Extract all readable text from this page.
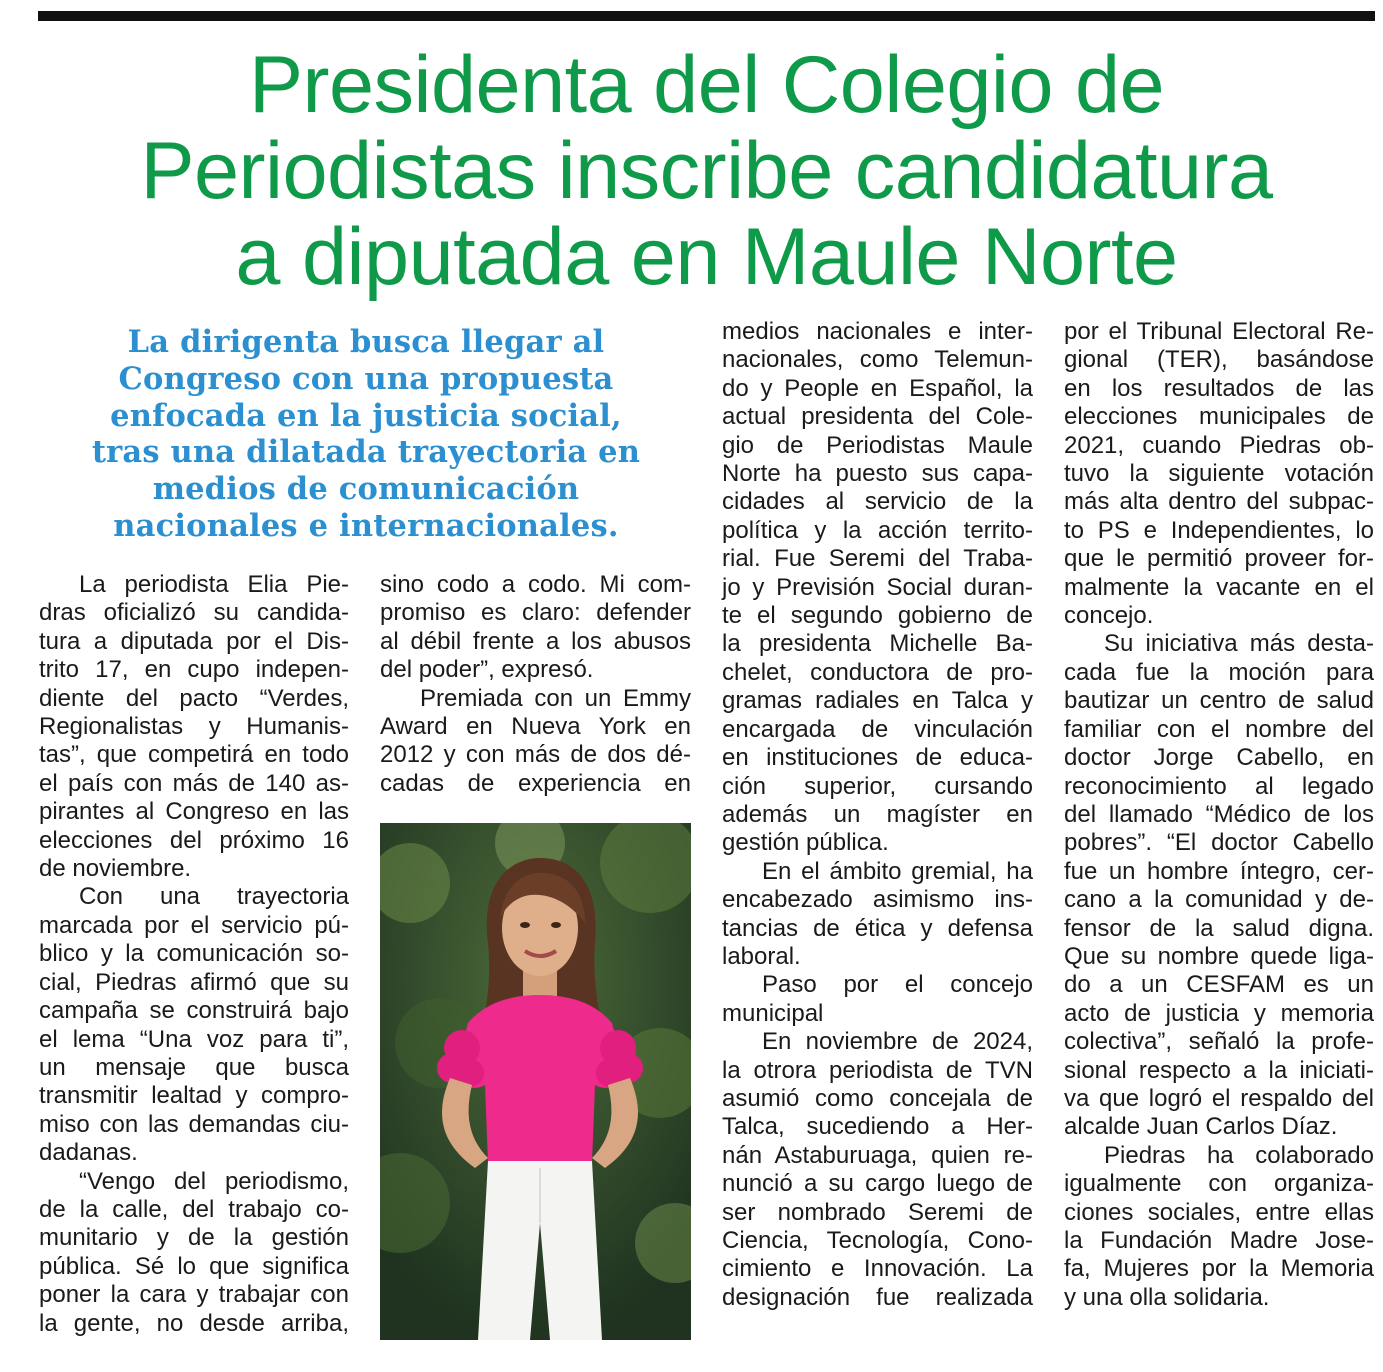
Presidenta del Colegio de
Periodistas inscribe candidatura
a diputada en Maule Norte
La dirigenta busca llegar al
Congreso con una propuesta
enfocada en la justicia social,
tras una dilatada trayectoria en
medios de comunicación
nacionales e internacionales.
La periodista Elia Pie-
dras oficializó su candida-
tura a diputada por el Dis-
trito 17, en cupo indepen-
diente del pacto “Verdes,
Regionalistas y Humanis-
tas”, que competirá en todo
el país con más de 140 as-
pirantes al Congreso en las
elecciones del próximo 16
de noviembre.
Con una trayectoria
marcada por el servicio pú-
blico y la comunicación so-
cial, Piedras afirmó que su
campaña se construirá bajo
el lema “Una voz para ti”,
un mensaje que busca
transmitir lealtad y compro-
miso con las demandas ciu-
dadanas.
“Vengo del periodismo,
de la calle, del trabajo co-
munitario y de la gestión
pública. Sé lo que significa
poner la cara y trabajar con
la gente, no desde arriba,
sino codo a codo. Mi com-
promiso es claro: defender
al débil frente a los abusos
del poder”, expresó.
Premiada con un Emmy
Award en Nueva York en
2012 y con más de dos dé-
cadas de experiencia en
medios nacionales e inter-
nacionales, como Telemun-
do y People en Español, la
actual presidenta del Cole-
gio de Periodistas Maule
Norte ha puesto sus capa-
cidades al servicio de la
política y la acción territo-
rial. Fue Seremi del Traba-
jo y Previsión Social duran-
te el segundo gobierno de
la presidenta Michelle Ba-
chelet, conductora de pro-
gramas radiales en Talca y
encargada de vinculación
en instituciones de educa-
ción superior, cursando
además un magíster en
gestión pública.
En el ámbito gremial, ha
encabezado asimismo ins-
tancias de ética y defensa
laboral.
Paso por el concejo
municipal
En noviembre de 2024,
la otrora periodista de TVN
asumió como concejala de
Talca, sucediendo a Her-
nán Astaburuaga, quien re-
nunció a su cargo luego de
ser nombrado Seremi de
Ciencia, Tecnología, Cono-
cimiento e Innovación. La
designación fue realizada
por el Tribunal Electoral Re-
gional (TER), basándose
en los resultados de las
elecciones municipales de
2021, cuando Piedras ob-
tuvo la siguiente votación
más alta dentro del subpac-
to PS e Independientes, lo
que le permitió proveer for-
malmente la vacante en el
concejo.
Su iniciativa más desta-
cada fue la moción para
bautizar un centro de salud
familiar con el nombre del
doctor Jorge Cabello, en
reconocimiento al legado
del llamado “Médico de los
pobres”. “El doctor Cabello
fue un hombre íntegro, cer-
cano a la comunidad y de-
fensor de la salud digna.
Que su nombre quede liga-
do a un CESFAM es un
acto de justicia y memoria
colectiva”, señaló la profe-
sional respecto a la iniciati-
va que logró el respaldo del
alcalde Juan Carlos Díaz.
Piedras ha colaborado
igualmente con organiza-
ciones sociales, entre ellas
la Fundación Madre Jose-
fa, Mujeres por la Memoria
y una olla solidaria.
